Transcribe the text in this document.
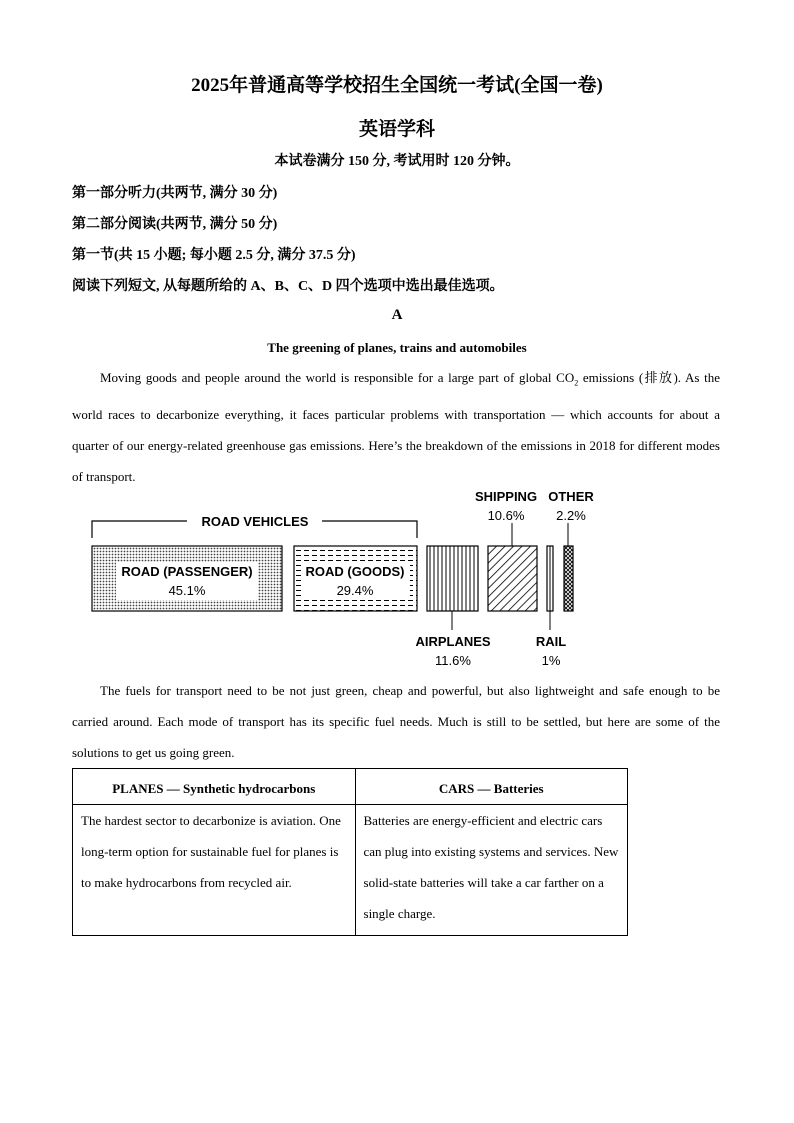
2025年普通高等学校招生全国统一考试(全国一卷)
英语学科
本试卷满分 150 分, 考试用时 120 分钟。
第一部分听力(共两节, 满分 30 分)
第二部分阅读(共两节, 满分 50 分)
第一节(共 15 小题; 每小题 2.5 分, 满分 37.5 分)
阅读下列短文, 从每题所给的 A、B、C、D 四个选项中选出最佳选项。
A
The greening of planes, trains and automobiles

Moving goods and people around the world is responsible for a large part of global $CO_2$ emissions (排放). As the world races to decarbonize everything, it faces particular problems with transportation — which accounts for about a quarter of our energy-related greenhouse gas emissions. Here’s the breakdown of the emissions in 2018 for different modes of transport.

ROAD VEHICLES
ROAD (PASSENGER)
45.1%
ROAD (GOODS)
29.4%
AIRPLANES
11.6%
SHIPPING
10.6%
RAIL
1%
OTHER
2.2%

The fuels for transport need to be not just green, cheap and powerful, but also lightweight and safe enough to be carried around. Each mode of transport has its specific fuel needs. Much is still to be settled, but here are some of the solutions to get us going green.

PLANES — Synthetic hydrocarbons	CARS — Batteries
The hardest sector to decarbonize is aviation. One long-term option for sustainable fuel for planes is to make hydrocarbons from recycled air.	Batteries are energy-efficient and electric cars can plug into existing systems and services. New solid-state batteries will take a car farther on a single charge.
